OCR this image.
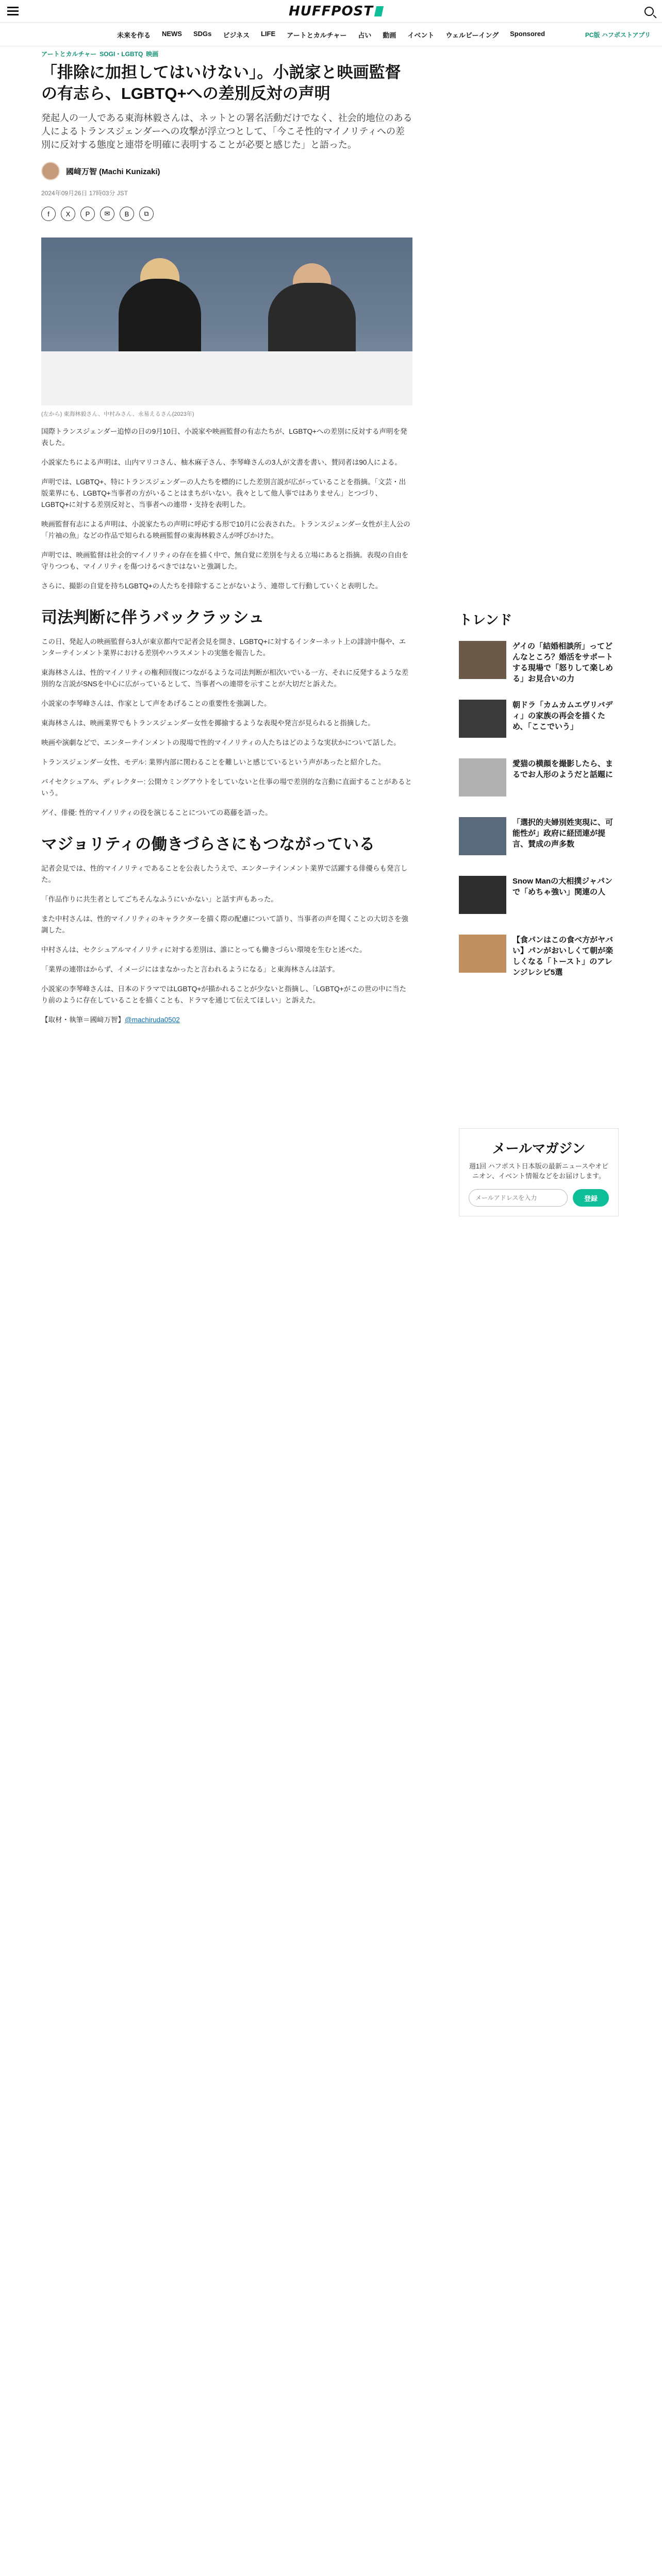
HUFFPOST
未来を作る NEWS SDGs ビジネス LIFE アートとカルチャー 占い 動画 イベント ウェルビーイング Sponsored	PC版 ハフポストアプリ
アートとカルチャー SOGI・LGBTQ 映画
「排除に加担してはいけない」。小説家と映画監督の有志ら、LGBTQ+への差別反対の声明

発起人の一人である東海林毅さんは、ネットとの署名活動だけでなく、社会的地位のある人によるトランスジェンダーへの攻撃が浮立つとして、「今こそ性的マイノリティへの差別に反対する態度と連帯を明確に表明することが必要と感じた」と語った。

國﨑万智 (Machi Kunizaki)
2024年09月26日 17時03分 JST
f	X	P	✉	B	⧉
(左から) 東海林毅さん、中村みさん、永易えるさん(2023年)

国際トランスジェンダー追悼の日の9月10日、小説家や映画監督の有志たちが、LGBTQ+への差別に反対する声明を発表した。

小説家たちによる声明は、山内マリコさん、柚木麻子さん、李琴峰さんの3人が文書を書い、賛同者は90人による。

声明では、LGBTQ+、特にトランスジェンダーの人たちを標的にした差別言説が広がっていることを指摘。「文芸・出版業界にも、LGBTQ+当事者の方がいることはまちがいない。我々として他人事ではありません」とつづり、LGBTQ+に対する差別反対と、当事者への連帯・支持を表明した。

映画監督有志による声明は、小説家たちの声明に呼応する形で10月に公表された。トランスジェンダー女性が主人公の「片袖の魚」などの作品で知られる映画監督の東海林毅さんが呼びかけた。

声明では、映画監督は社会的マイノリティの存在を描く中で、無自覚に差別を与える立場にあると指摘。表現の自由を守りつつも、マイノリティを傷つけるべきではないと強調した。

さらに、撮影の自覚を持ちLGBTQ+の人たちを排除することがないよう、連帯して行動していくと表明した。

司法判断に伴うバックラッシュ

この日、発起人の映画監督ら3人が東京都内で記者会見を開き、LGBTQ+に対するインターネット上の誹謗中傷や、エンターテインメント業界における差別やハラスメントの実態を報告した。

東海林さんは、性的マイノリティの権利回復につながるような司法判断が相次いでいる一方、それに反発するような差別的な言説がSNSを中心に広がっているとして、当事者への連帯を示すことが大切だと訴えた。

小説家の李琴峰さんは、作家として声をあげることの重要性を強調した。

東海林さんは、映画業界でもトランスジェンダー女性を揶揄するような表現や発言が見られると指摘した。

映画や演劇などで、エンターテインメントの現場で性的マイノリティの人たちはどのような実状かについて話した。

トランスジェンダー女性、モデル: 業界内部に関わることを難しいと感じているという声があったと紹介した。

バイセクシュアル、ディレクター: 公開カミングアウトをしていないと仕事の場で差別的な言動に直面することがあるという。

ゲイ、俳優: 性的マイノリティの役を演じることについての葛藤を語った。

マジョリティの働きづらさにもつながっている

記者会見では、性的マイノリティであることを公表したうえで、エンターテインメント業界で活躍する俳優らも発言した。

「作品作りに共生者としてごちそんなふうにいかない」と話す声もあった。

また中村さんは、性的マイノリティのキャラクターを描く際の配慮について語り、当事者の声を聞くことの大切さを強調した。

中村さんは、セクシュアルマイノリティに対する差別は、誰にとっても働きづらい環境を生むと述べた。

「業界の連帯はからず、イメージにはまなかったと言われるようになる」と東海林さんは話す。

小説家の李琴峰さんは、日本のドラマではLGBTQ+が描かれることが少ないと指摘し、「LGBTQ+がこの世の中に当たり前のように存在していることを描くことも、ドラマを通じて伝えてほしい」と訴えた。

【取材・執筆＝國﨑万智】@machiruda0502

トレンド
ゲイの「結婚相談所」ってどんなところ？婚活をサポートする現場で「怒りして楽しめる」お見合いの力
朝ドラ「カムカムエヴリバディ」の家族の再会を描くため、「ここでいう」
愛猫の横顔を撮影したら、まるでお人形のようだと話題に
「選択的夫婦別姓実現に、可能性が」政府に経団連が提言、賛成の声多数
Snow Manの大相撲ジャパンで「めちゃ強い」関連の人
【食パンはこの食べ方がヤバい】パンがおいしくて朝が楽しくなる「トースト」のアレンジレシピ5選
メールマガジン
週1回 ハフポスト日本版の最新ニュースやオピニオン、イベント情報などをお届けします。
メールアドレスを入力
登録
